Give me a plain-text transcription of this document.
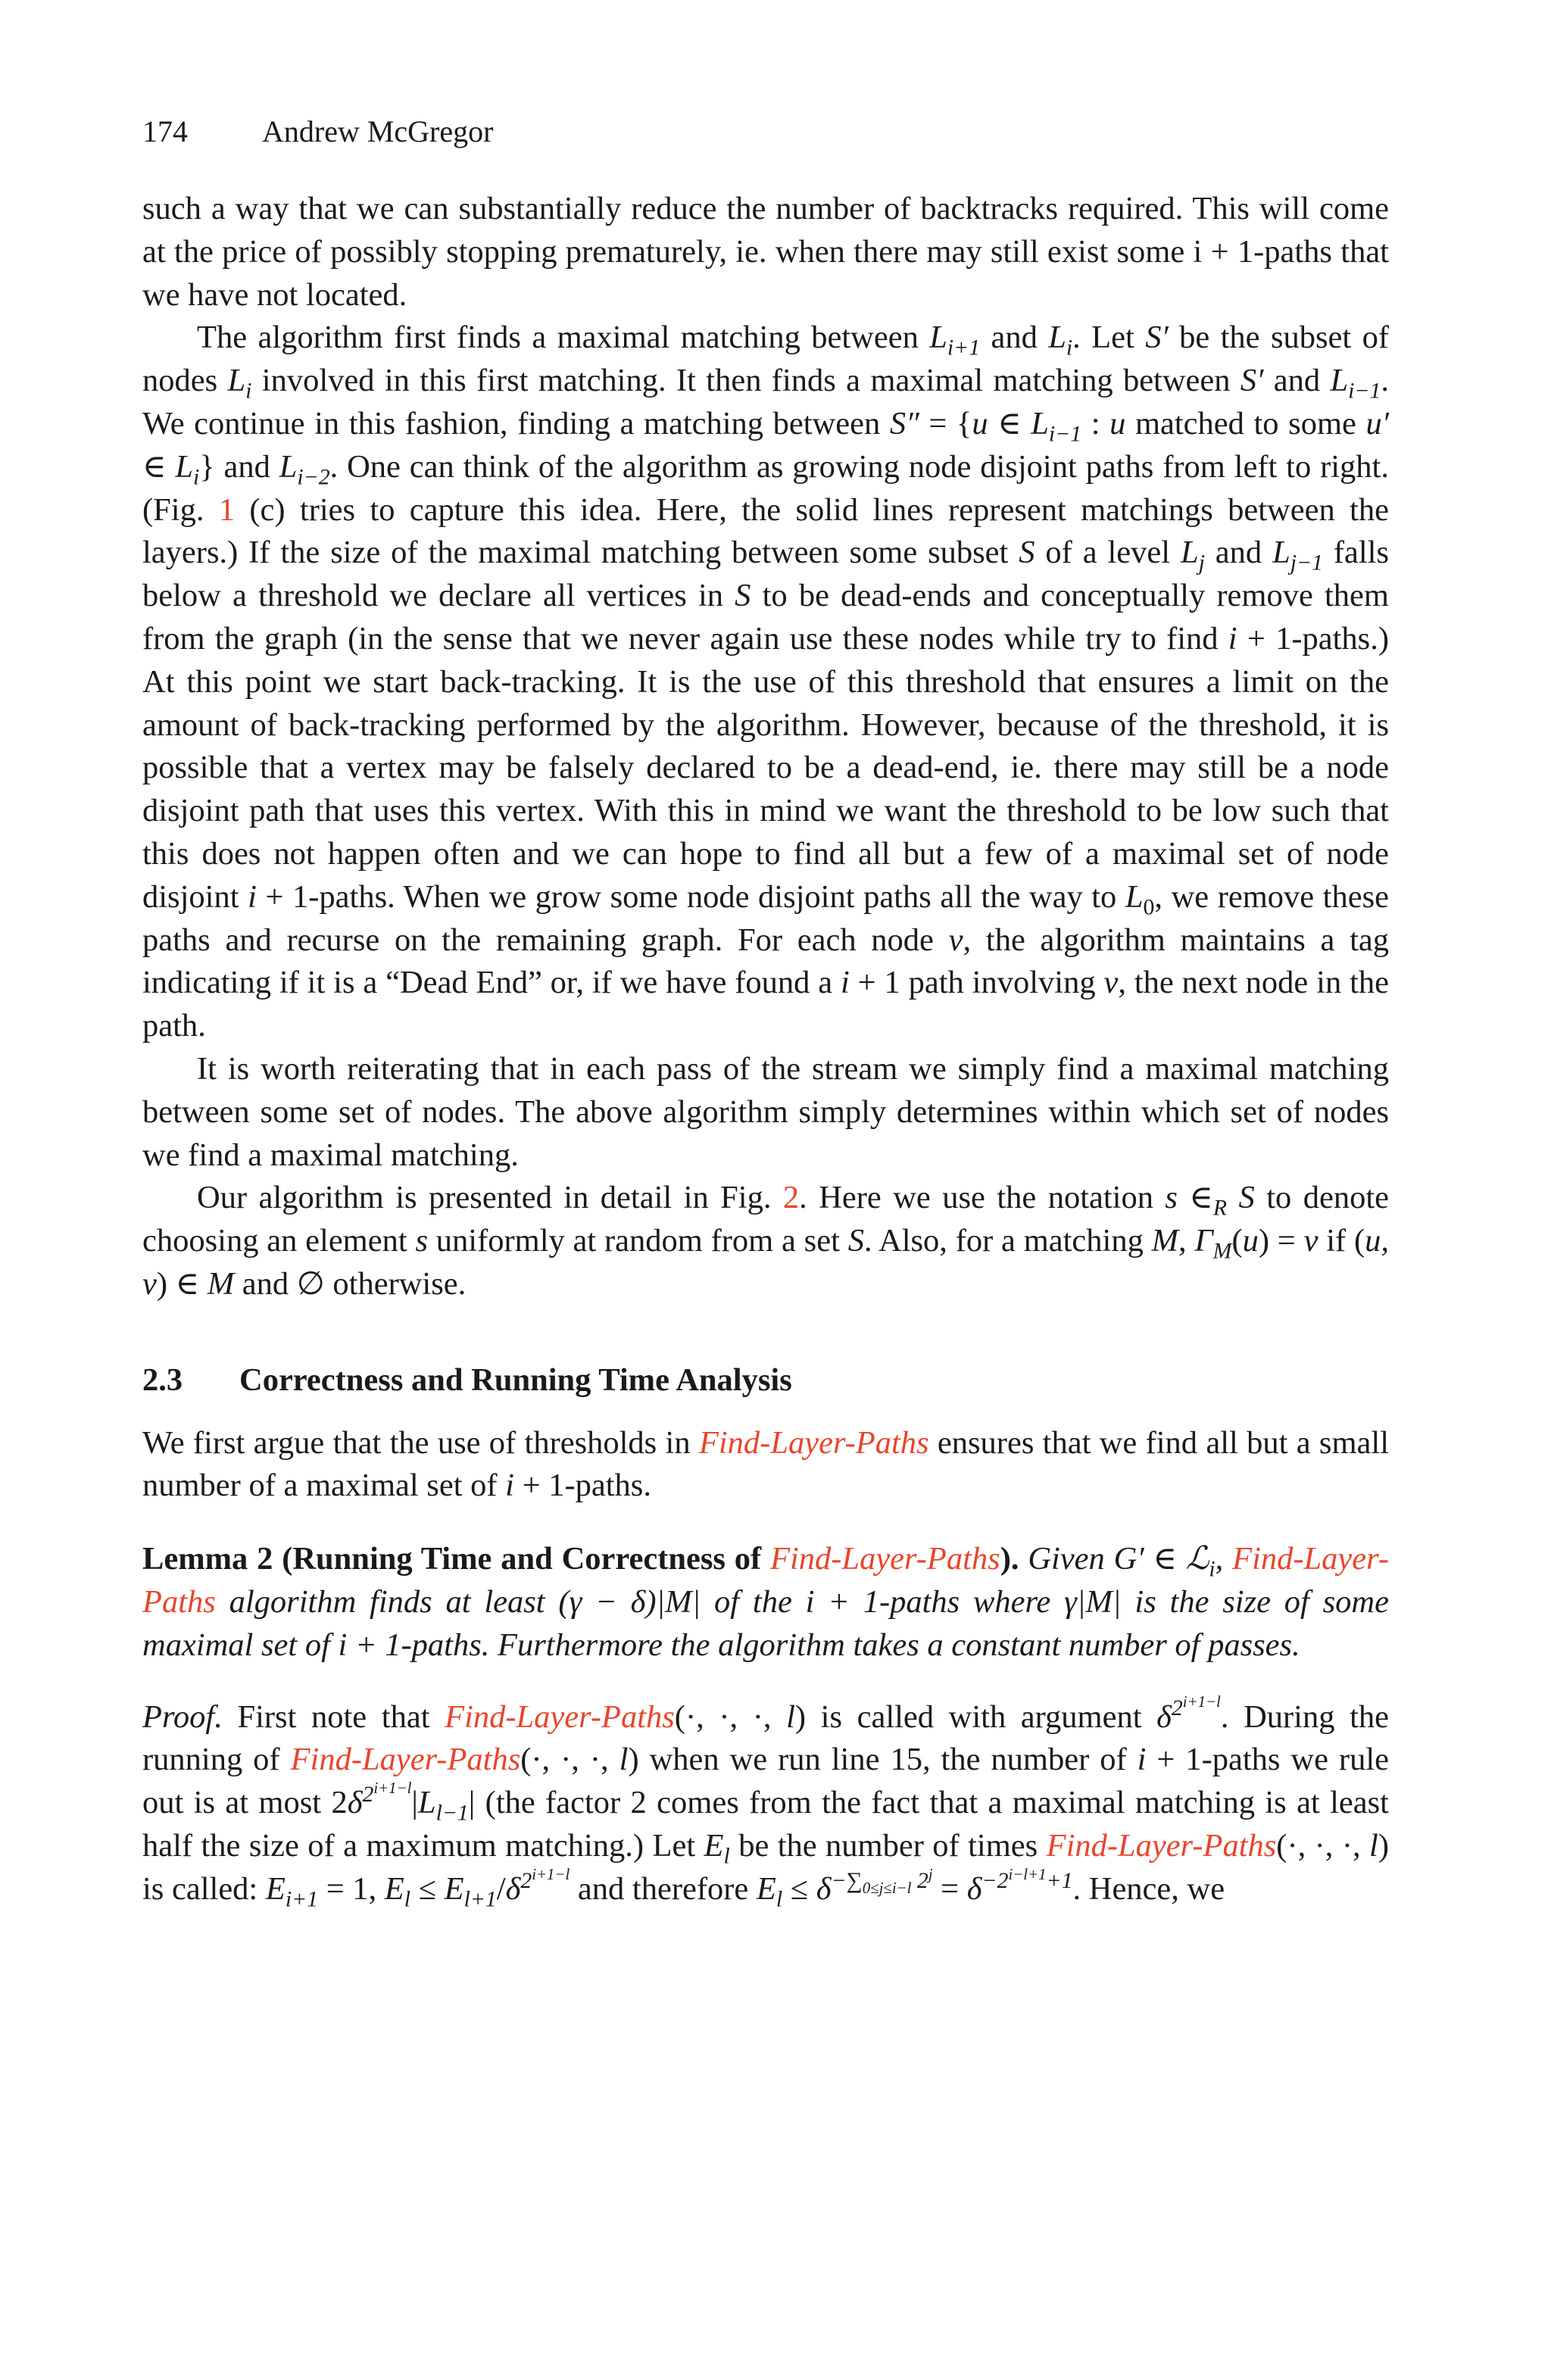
174 Andrew McGregor

such a way that we can substantially reduce the number of backtracks required. This will come at the price of possibly stopping prematurely, ie. when there may still exist some i + 1-paths that we have not located.

The algorithm first finds a maximal matching between $L_{i+1}$ and $L_i$. Let S′ be the subset of nodes $L_i$ involved in this first matching. It then finds a maximal matching between S′ and $L_{i-1}$. We continue in this fashion, finding a matching between S″ = {u ∈ $L_{i-1}$ : u matched to some u′ ∈ $L_i$} and $L_{i-2}$. One can think of the algorithm as growing node disjoint paths from left to right. (Fig. 1 (c) tries to capture this idea. Here, the solid lines represent matchings between the layers.) If the size of the maximal matching between some subset S of a level $L_j$ and $L_{j-1}$ falls below a threshold we declare all vertices in S to be dead-ends and conceptually remove them from the graph (in the sense that we never again use these nodes while try to find i + 1-paths.) At this point we start back-tracking. It is the use of this threshold that ensures a limit on the amount of back-tracking performed by the algorithm. However, because of the threshold, it is possible that a vertex may be falsely declared to be a dead-end, ie. there may still be a node disjoint path that uses this vertex. With this in mind we want the threshold to be low such that this does not happen often and we can hope to find all but a few of a maximal set of node disjoint i + 1-paths. When we grow some node disjoint paths all the way to $L_0$, we remove these paths and recurse on the remaining graph. For each node v, the algorithm maintains a tag indicating if it is a “Dead End” or, if we have found a i + 1 path involving v, the next node in the path.

It is worth reiterating that in each pass of the stream we simply find a maximal matching between some set of nodes. The above algorithm simply determines within which set of nodes we find a maximal matching.

Our algorithm is presented in detail in Fig. 2. Here we use the notation s $\in_R$ S to denote choosing an element s uniformly at random from a set S. Also, for a matching M, $\Gamma_M(u) = v$ if (u, v) ∈ M and ∅ otherwise.

2.3 Correctness and Running Time Analysis

We first argue that the use of thresholds in Find-Layer-Paths ensures that we find all but a small number of a maximal set of i + 1-paths.

Lemma 2 (Running Time and Correctness of Find-Layer-Paths). Given G′ ∈ ℒ$_i$, Find-Layer-Paths algorithm finds at least (γ − δ)|M| of the i + 1-paths where γ|M| is the size of some maximal set of i + 1-paths. Furthermore the algorithm takes a constant number of passes.

Proof. First note that Find-Layer-Paths(·, ·, ·, l) is called with argument $\delta^{2^{i+1-l}}$. During the running of Find-Layer-Paths(·, ·, ·, l) when we run line 15, the number of i + 1-paths we rule out is at most $2\delta^{2^{i+1-l}}|L_{l-1}|$ (the factor 2 comes from the fact that a maximal matching is at least half the size of a maximum matching.) Let $E_l$ be the number of times Find-Layer-Paths(·, ·, ·, l) is called: $E_{i+1} = 1$, $E_l \le E_{l+1}/\delta^{2^{i+1-l}}$ and therefore $E_l \le \delta^{-\sum_{0\le j\le i-l} 2^j} = \delta^{-2^{i-l+1}+1}$. Hence, we
